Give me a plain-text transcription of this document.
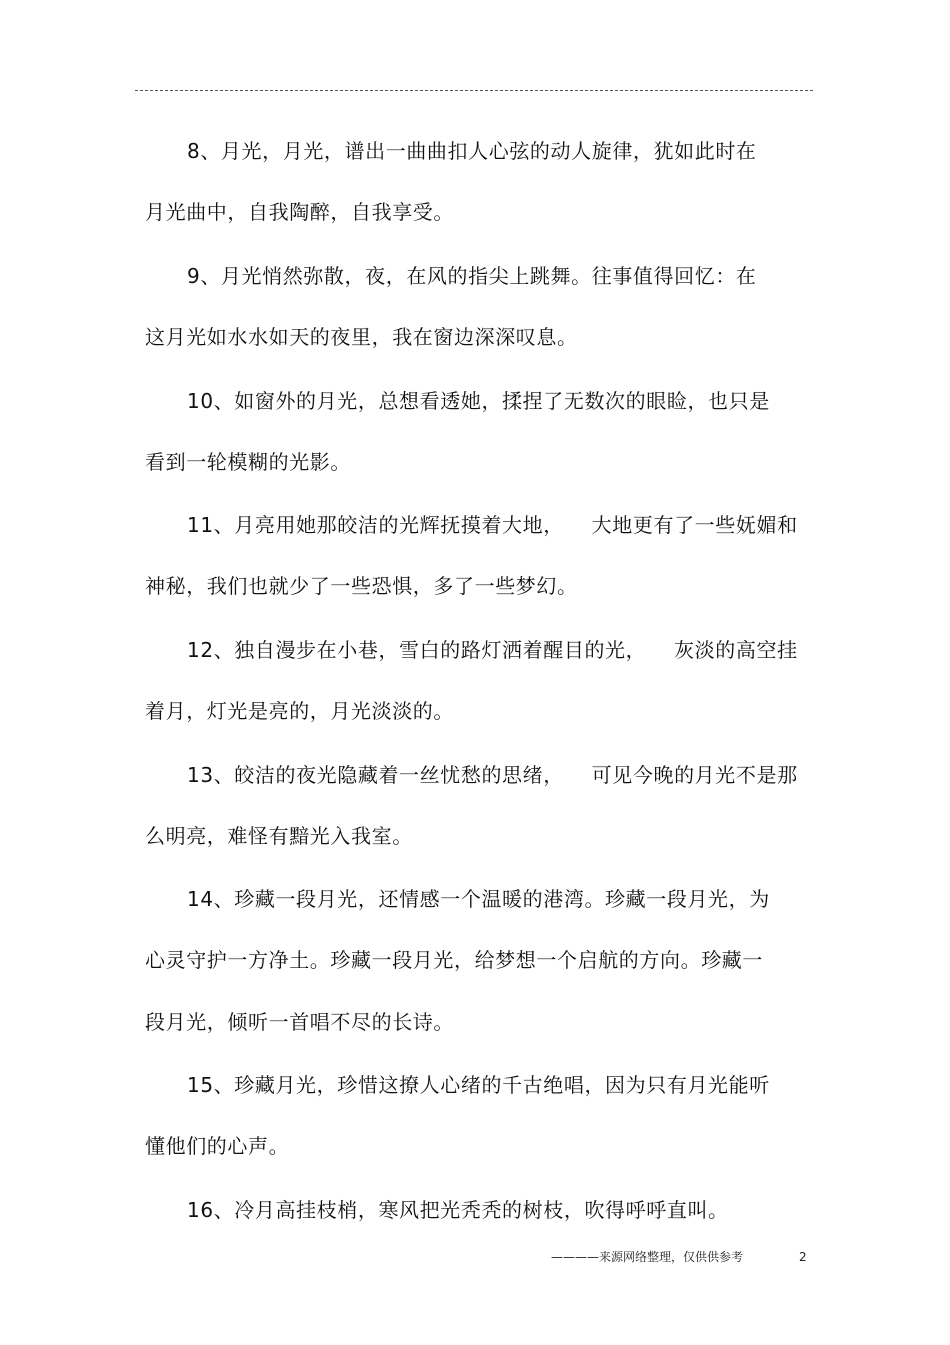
8、月光，月光，谱出一曲曲扣人心弦的动人旋律，犹如此时在
月光曲中，自我陶醉，自我享受。
9、月光悄然弥散，夜，在风的指尖上跳舞。往事值得回忆：在
这月光如水水如天的夜里，我在窗边深深叹息。
10、如窗外的月光，总想看透她，揉捏了无数次的眼睑，也只是
看到一轮模糊的光影。
11、月亮用她那皎洁的光辉抚摸着大地，    大地更有了一些妩媚和
神秘，我们也就少了一些恐惧，多了一些梦幻。
12、独自漫步在小巷，雪白的路灯洒着醒目的光，    灰淡的高空挂
着月，灯光是亮的，月光淡淡的。
13、皎洁的夜光隐藏着一丝忧愁的思绪，    可见今晚的月光不是那
么明亮，难怪有黯光入我室。
14、珍藏一段月光，还情感一个温暖的港湾。珍藏一段月光，为
心灵守护一方净土。珍藏一段月光，给梦想一个启航的方向。珍藏一
段月光，倾听一首唱不尽的长诗。
15、珍藏月光，珍惜这撩人心绪的千古绝唱，因为只有月光能听
懂他们的心声。
16、冷月高挂枝梢，寒风把光秃秃的树枝，吹得呼呼直叫。
————来源网络整理，仅供供参考	2
